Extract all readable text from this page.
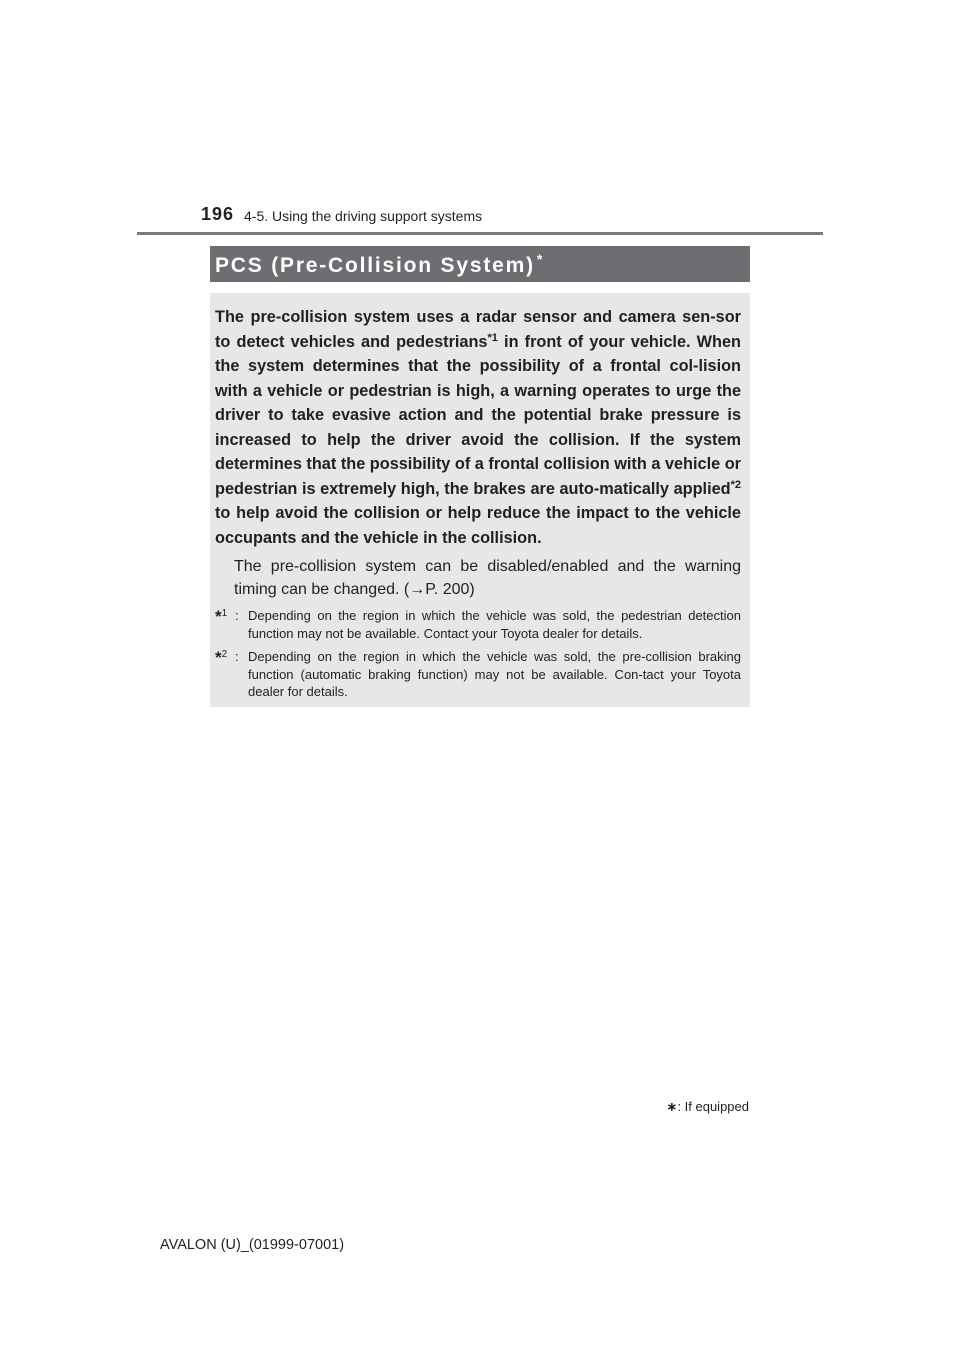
196 4-5. Using the driving support systems
PCS (Pre-Collision System) *

The pre-collision system uses a radar sensor and camera sen-sor to detect vehicles and pedestrians$^{*1}$ in front of your vehicle. When the system determines that the possibility of a frontal col-lision with a vehicle or pedestrian is high, a warning operates to urge the driver to take evasive action and the potential brake pressure is increased to help the driver avoid the collision. If the system determines that the possibility of a frontal collision with a vehicle or pedestrian is extremely high, the brakes are auto-matically applied$^{*2}$ to help avoid the collision or help reduce the impact to the vehicle occupants and the vehicle in the collision.

The pre-collision system can be disabled/enabled and the warning timing can be changed. (→P. 200)

*$^1$ : Depending on the region in which the vehicle was sold, the pedestrian detection function may not be available. Contact your Toyota dealer for details.
*$^2$ : Depending on the region in which the vehicle was sold, the pre-collision braking function (automatic braking function) may not be available. Con-tact your Toyota dealer for details.
∗: If equipped
AVALON (U)_(01999-07001)
